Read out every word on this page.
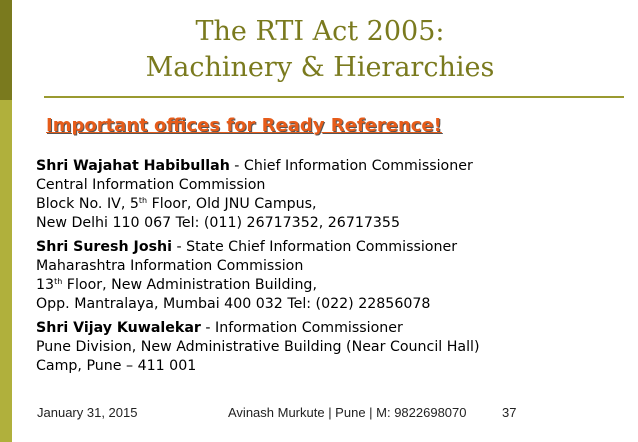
The RTI Act 2005:
Machinery & Hierarchies
Important offices for Ready Reference!
Shri Wajahat Habibullah - Chief Information Commissioner
Central Information Commission
Block No. IV, 5th Floor, Old JNU Campus,
New Delhi 110 067 Tel: (011) 26717352, 26717355
Shri Suresh Joshi - State Chief Information Commissioner
Maharashtra Information Commission
13th Floor, New Administration Building,
Opp. Mantralaya, Mumbai 400 032 Tel: (022) 22856078
Shri Vijay Kuwalekar - Information Commissioner
Pune Division, New Administrative Building (Near Council Hall)
Camp, Pune – 411 001
January 31, 2015	Avinash Murkute | Pune | M: 9822698070	37
